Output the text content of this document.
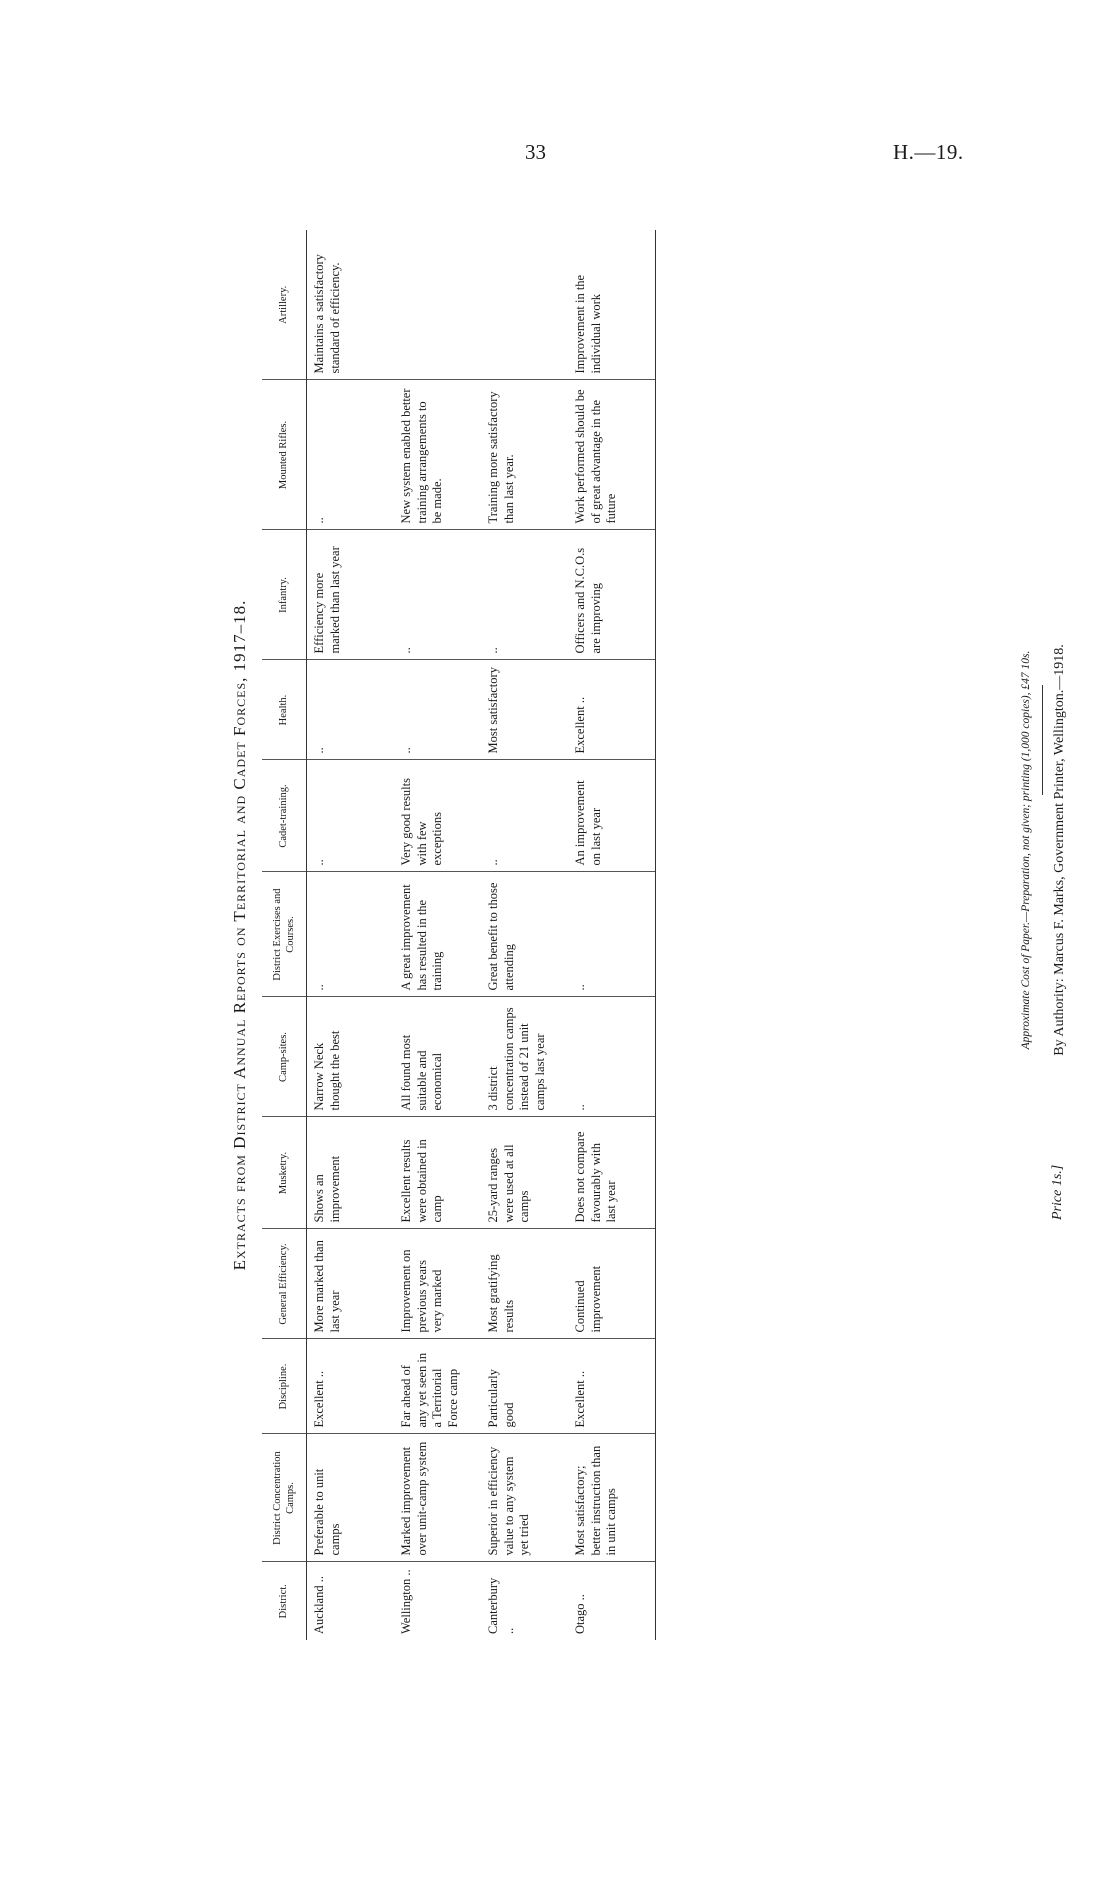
33	H.—19.
Extracts from District Annual Reports on Territorial and Cadet Forces, 1917–18.
District.	District Concentration Camps.	Discipline.	General Efficiency.	Musketry.	Camp-sites.	District Exercises and Courses.	Cadet-training.	Health.	Infantry.	Mounted Rifles.	Artillery.
Auckland ..	Preferable to unit camps	Excellent ..	More marked than last year	Shows an improvement	Narrow Neck thought the best	..	..	..	Efficiency more marked than last year	..	Maintains a satisfactory standard of efficiency.
Wellington ..	Marked improvement over unit-camp system	Far ahead of any yet seen in a Territorial Force camp	Improvement on previous years very marked	Excellent results were obtained in camp	All found most suitable and economical	A great improvement has resulted in the training	Very good results with few exceptions	..	..	New system enabled better training arrangements to be made.	
Canterbury ..	Superior in efficiency value to any system yet tried	Particularly good	Most gratifying results	25-yard ranges were used at all camps	3 district concentration camps instead of 21 unit camps last year	Great benefit to those attending	..	Most satisfactory	..	Training more satisfactory than last year.	
Otago ..	Most satisfactory; better instruction than in unit camps	Excellent ..	Continued improvement	Does not compare favourably with last year	..	..	An improvement on last year	Excellent ..	Officers and N.C.O.s are improving	Work performed should be of great advantage in the future	Improvement in the individual work
Approximate Cost of Paper.—Preparation, not given; printing (1,000 copies), £47 10s. By Authority: Marcus F. Marks, Government Printer, Wellington.—1918.
Price 1s.]
